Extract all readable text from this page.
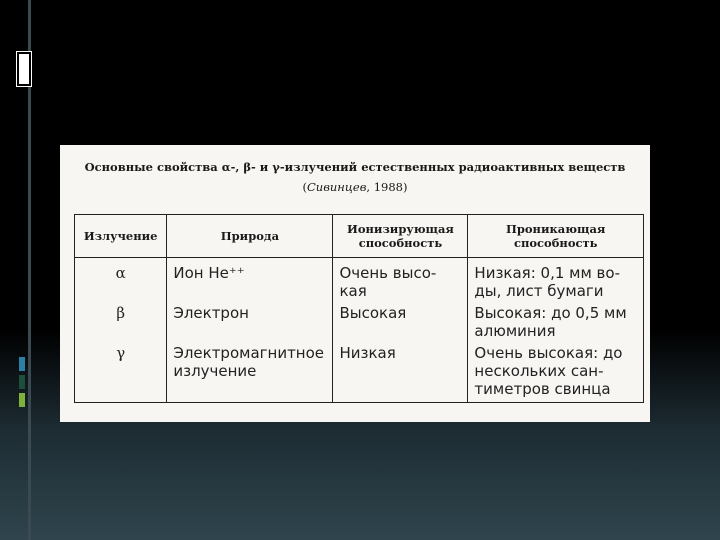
Основные свойства α-, β- и γ-излучений естественных радиоактивных веществ
(Сивинцев, 1988)
Излучение	Природа	Ионизирующая способность	Проникающая способность
α	Ион He⁺⁺	Очень высо-кая	Низкая: 0,1 мм во-ды, лист бумаги
β	Электрон	Высокая	Высокая: до 0,5 мм алюминия
γ	Электромагнитное излучение	Низкая	Очень высокая: до нескольких сан-тиметров свинца
